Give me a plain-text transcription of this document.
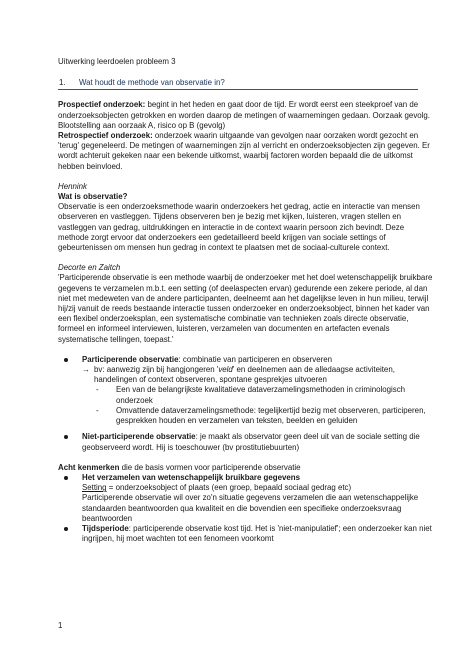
Uitwerking leerdoelen probleem 3

1.	Wat houdt de methode van observatie in?

Prospectief onderzoek: begint in het heden en gaat door de tijd. Er wordt eerst een steekproef van de onderzoeksobjecten getrokken en worden daarop de metingen of waarnemingen gedaan. Oorzaak gevolg. Blootstelling aan oorzaak A, risico op B (gevolg)

Retrospectief onderzoek: onderzoek waarin uitgaande van gevolgen naar oorzaken wordt gezocht en 'terug' gegeneleerd. De metingen of waarnemingen zijn al verricht en onderzoeksobjecten zijn gegeven. Er wordt achteruit gekeken naar een bekende uitkomst, waarbij factoren worden bepaald die de uitkomst hebben beinvloed.

Hennink

Wat is observatie?

Observatie is een onderzoeksmethode waarin onderzoekers het gedrag, actie en interactie van mensen observeren en vastleggen. Tijdens observeren ben je bezig met kijken, luisteren, vragen stellen en vastleggen van gedrag, uitdrukkingen en interactie in de context waarin persoon zich bevindt. Deze methode zorgt ervoor dat onderzoekers een gedetailleerd beeld krijgen van sociale settings of gebeurtenissen om mensen hun gedrag in context te plaatsen met de sociaal-culturele context.

Decorte en Zaitch

'Participerende observatie is een methode waarbij de onderzoeker met het doel wetenschappelijk bruikbare gegevens te verzamelen m.b.t. een setting (of deelaspecten ervan) gedurende een zekere periode, al dan niet met medeweten van de andere participanten, deelneemt aan het dagelijkse leven in hun milieu, terwijl hij/zij vanuit de reeds bestaande interactie tussen onderzoeker en onderzoeksobject, binnen het kader van een flexibel onderzoeksplan, een systematische combinatie van technieken zoals directe observatie, formeel en informeel interviewen, luisteren, verzamelen van documenten en artefacten evenals systematische tellingen, toepast.'

Participerende observatie: combinatie van participeren en observeren
→ bv: aanwezig zijn bij hangjongeren 'veld' en deelnemen aan de alledaagse activiteiten, handelingen of context observeren, spontane gesprekjes uitvoeren
-	Een van de belangrijkste kwalitatieve dataverzamelingsmethoden in criminologisch onderzoek
-	Omvattende dataverzamelingsmethode: tegelijkertijd bezig met observeren, participeren, gesprekken houden en verzamelen van teksten, beelden en geluiden
Niet-participerende observatie: je maakt als observator geen deel uit van de sociale setting die geobserveerd wordt. Hij is toeschouwer (bv prostitutiebuurten)

Acht kenmerken die de basis vormen voor participerende observatie

Het verzamelen van wetenschappelijk bruikbare gegevens
Setting = onderzoeksobject of plaats (een groep, bepaald sociaal gedrag etc)
Participerende observatie wil over zo'n situatie gegevens verzamelen die aan wetenschappelijke standaarden beantwoorden qua kwaliteit en die bovendien een specifieke onderzoeksvraag beantwoorden
Tijdsperiode: participerende observatie kost tijd. Het is 'niet-manipulatief'; een onderzoeker kan niet ingrijpen, hij moet wachten tot een fenomeen voorkomt
1
